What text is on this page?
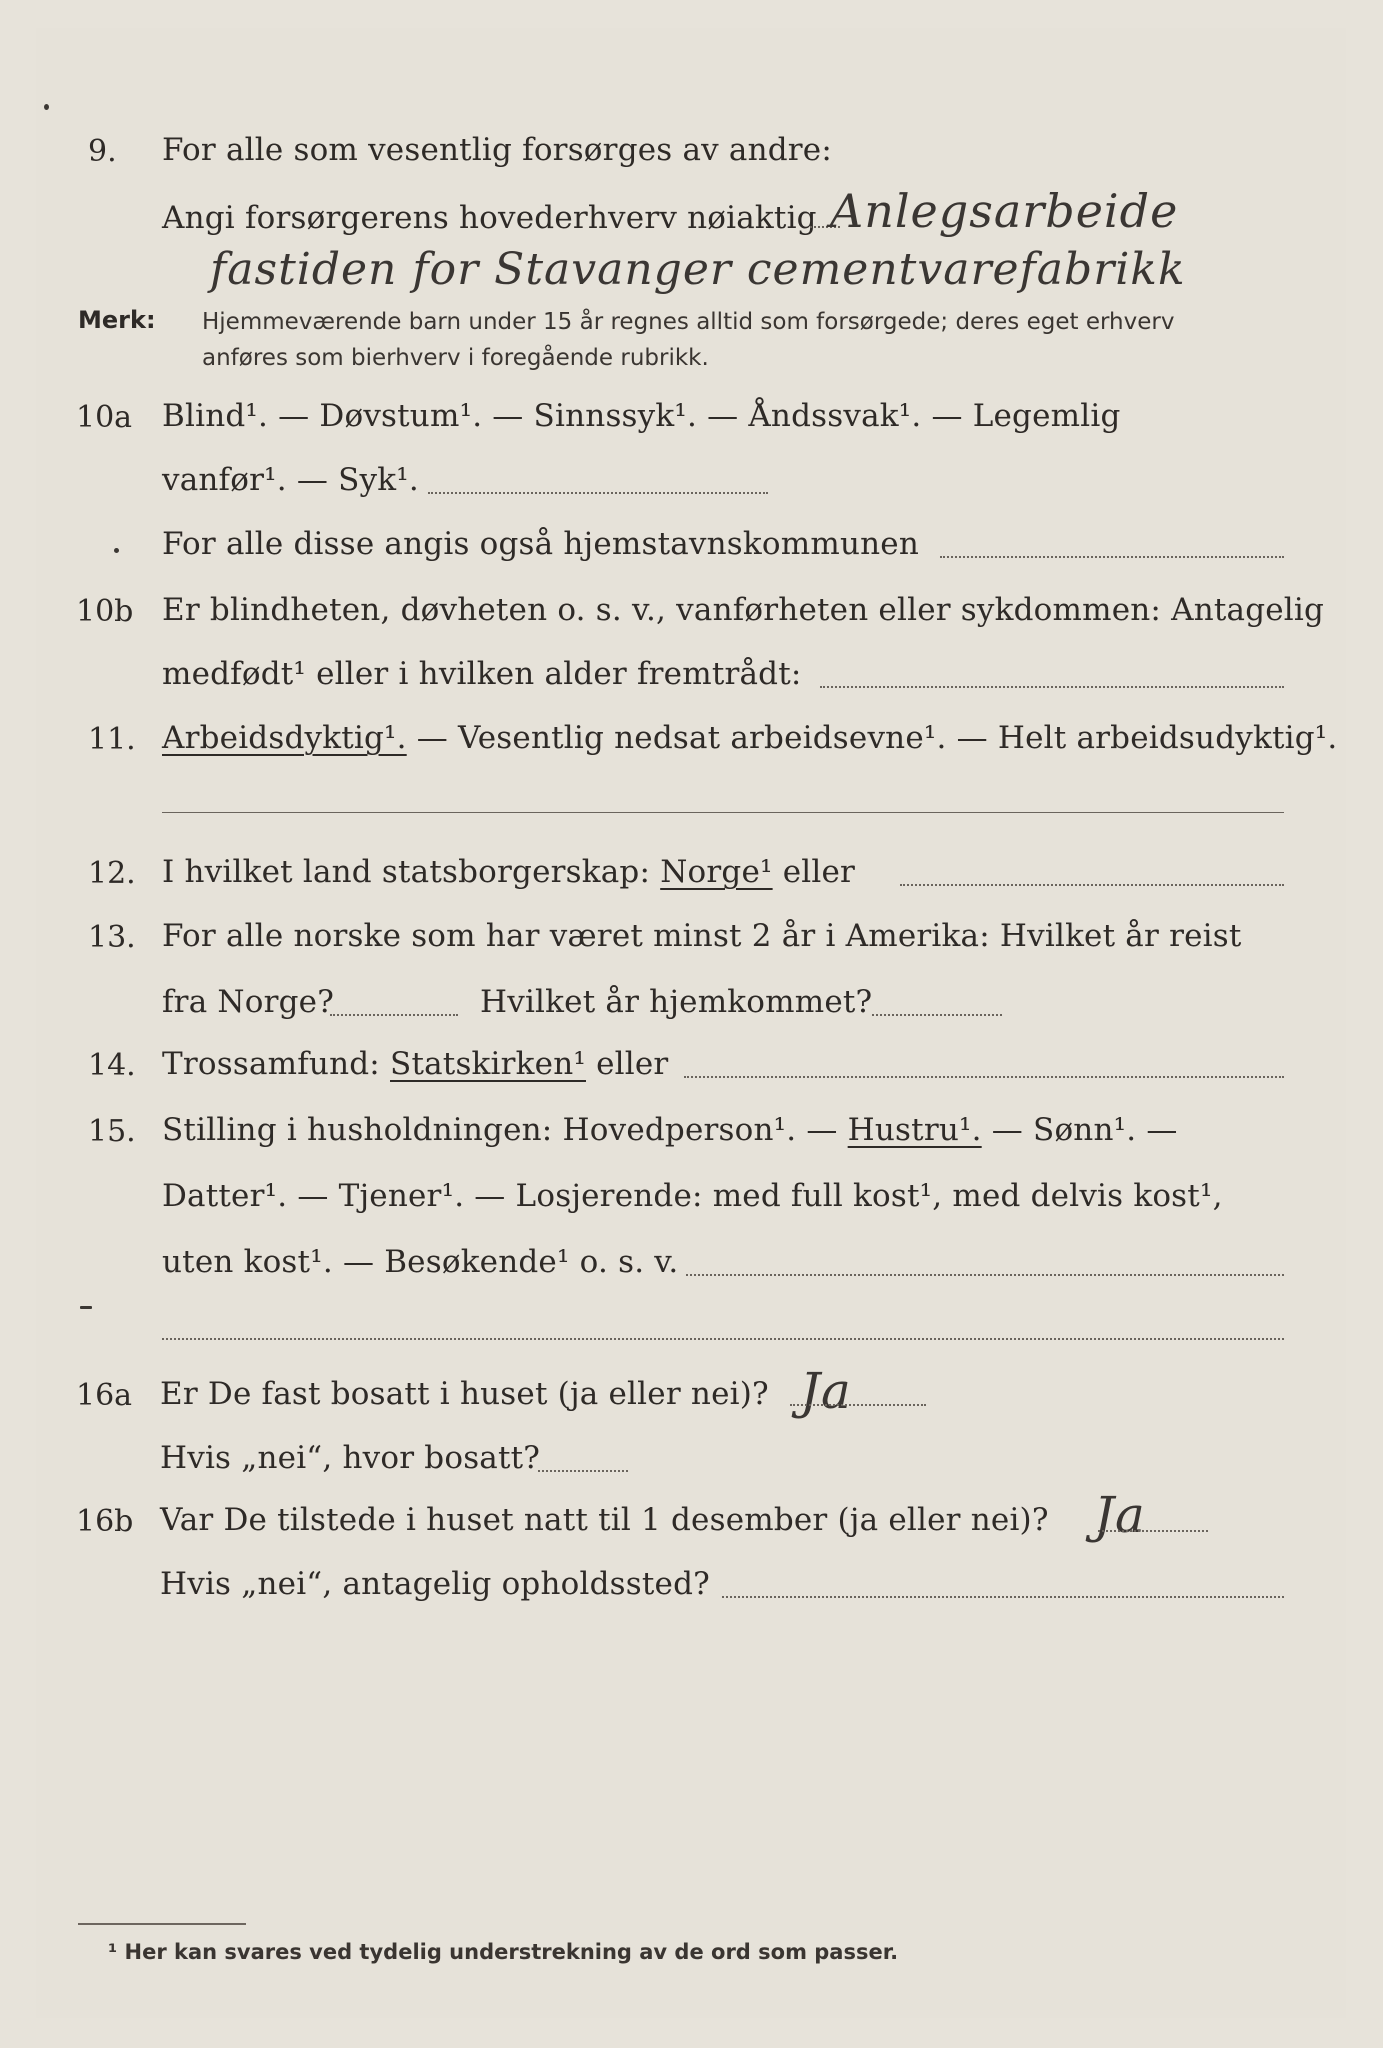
9. For alle som vesentlig forsørges av andre:
Angi forsørgerens hovederhverv nøiaktig Anlegsarbeide
fastiden for Stavanger cementvarefabrikk
Merk: Hjemmeværende barn under 15 år regnes alltid som forsørgede; deres eget erhverv
anføres som bierhverv i foregående rubrikk.
10a Blind¹. — Døvstum¹. — Sinnssyk¹. — Åndssvak¹. — Legemlig
vanfør¹. — Syk¹.
For alle disse angis også hjemstavnskommunen
10b Er blindheten, døvheten o. s. v., vanførheten eller sykdommen: Antagelig
medfødt¹ eller i hvilken alder fremtrådt:
11. Arbeidsdyktig¹. — Vesentlig nedsat arbeidsevne¹. — Helt arbeidsudyktig¹.
12. I hvilket land statsborgerskap: Norge¹ eller
13. For alle norske som har været minst 2 år i Amerika: Hvilket år reist
fra Norge?	Hvilket år hjemkommet?
14. Trossamfund: Statskirken¹ eller
15. Stilling i husholdningen: Hovedperson¹. — Hustru¹. — Sønn¹. —
Datter¹. — Tjener¹. — Losjerende: med full kost¹, med delvis kost¹,
uten kost¹. — Besøkende¹ o. s. v.
16a Er De fast bosatt i huset (ja eller nei)? Ja
Hvis „nei“, hvor bosatt?
16b Var De tilstede i huset natt til 1 desember (ja eller nei)? Ja
Hvis „nei“, antagelig opholdssted?
¹ Her kan svares ved tydelig understrekning av de ord som passer.
